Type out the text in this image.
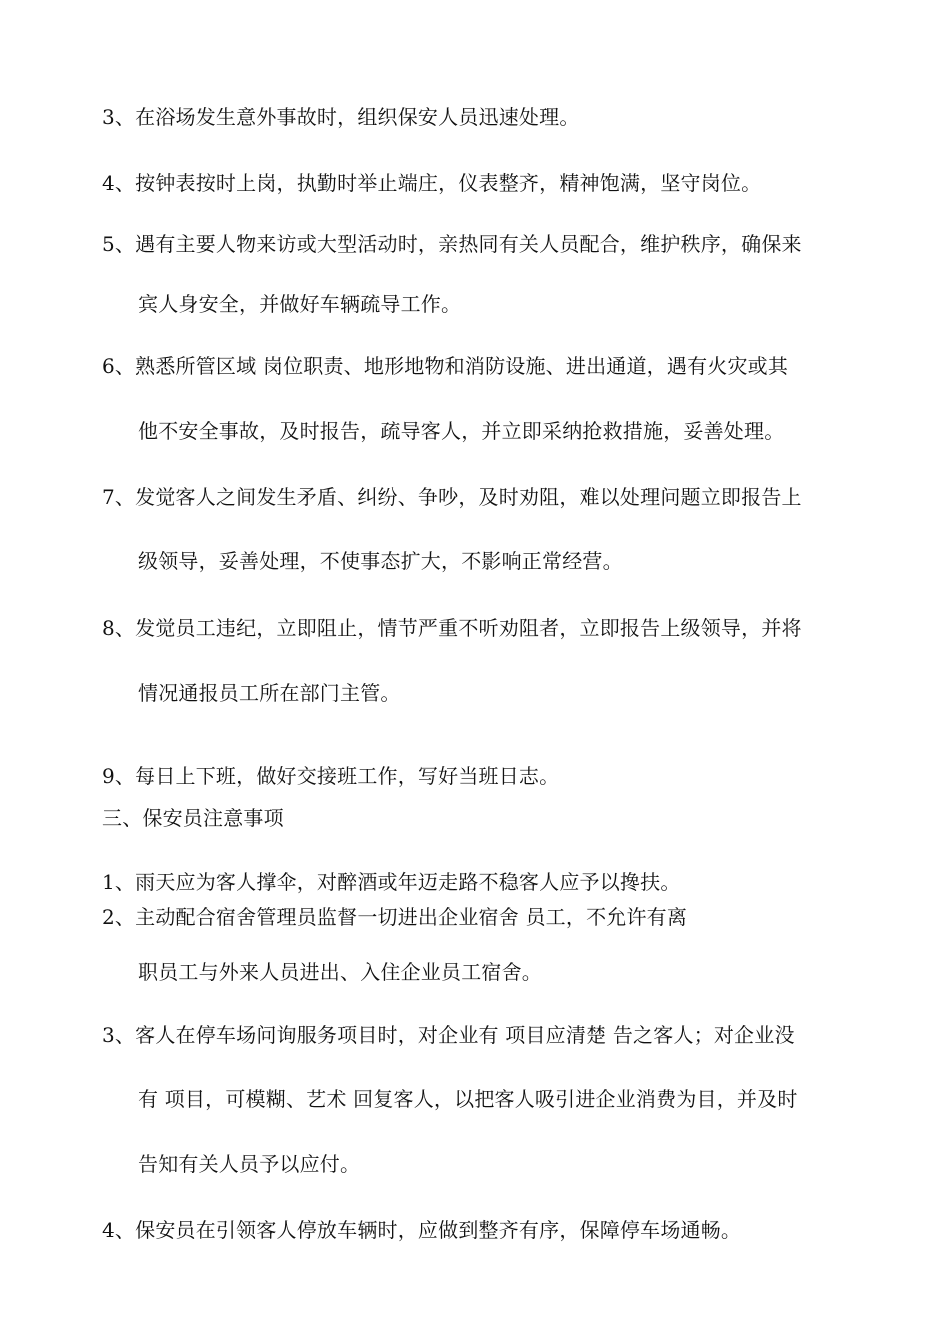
3、在浴场发生意外事故时，组织保安人员迅速处理。
4、按钟表按时上岗，执勤时举止端庄，仪表整齐，精神饱满，坚守岗位。
5、遇有主要人物来访或大型活动时，亲热同有关人员配合，维护秩序，确保来
宾人身安全，并做好车辆疏导工作。
6、熟悉所管区域 岗位职责、地形地物和消防设施、进出通道，遇有火灾或其
他不安全事故，及时报告，疏导客人，并立即采纳抢救措施，妥善处理。
7、发觉客人之间发生矛盾、纠纷、争吵，及时劝阻，难以处理问题立即报告上
级领导，妥善处理，不使事态扩大，不影响正常经营。
8、发觉员工违纪，立即阻止，情节严重不听劝阻者，立即报告上级领导，并将
情况通报员工所在部门主管。
9、每日上下班，做好交接班工作，写好当班日志。
三、保安员注意事项
1、雨天应为客人撑伞，对醉酒或年迈走路不稳客人应予以搀扶。
2、主动配合宿舍管理员监督一切进出企业宿舍 员工，不允许有离
职员工与外来人员进出、入住企业员工宿舍。
3、客人在停车场问询服务项目时，对企业有 项目应清楚 告之客人；对企业没
有 项目，可模糊、艺术 回复客人，以把客人吸引进企业消费为目，并及时
告知有关人员予以应付。
4、保安员在引领客人停放车辆时，应做到整齐有序，保障停车场通畅。
